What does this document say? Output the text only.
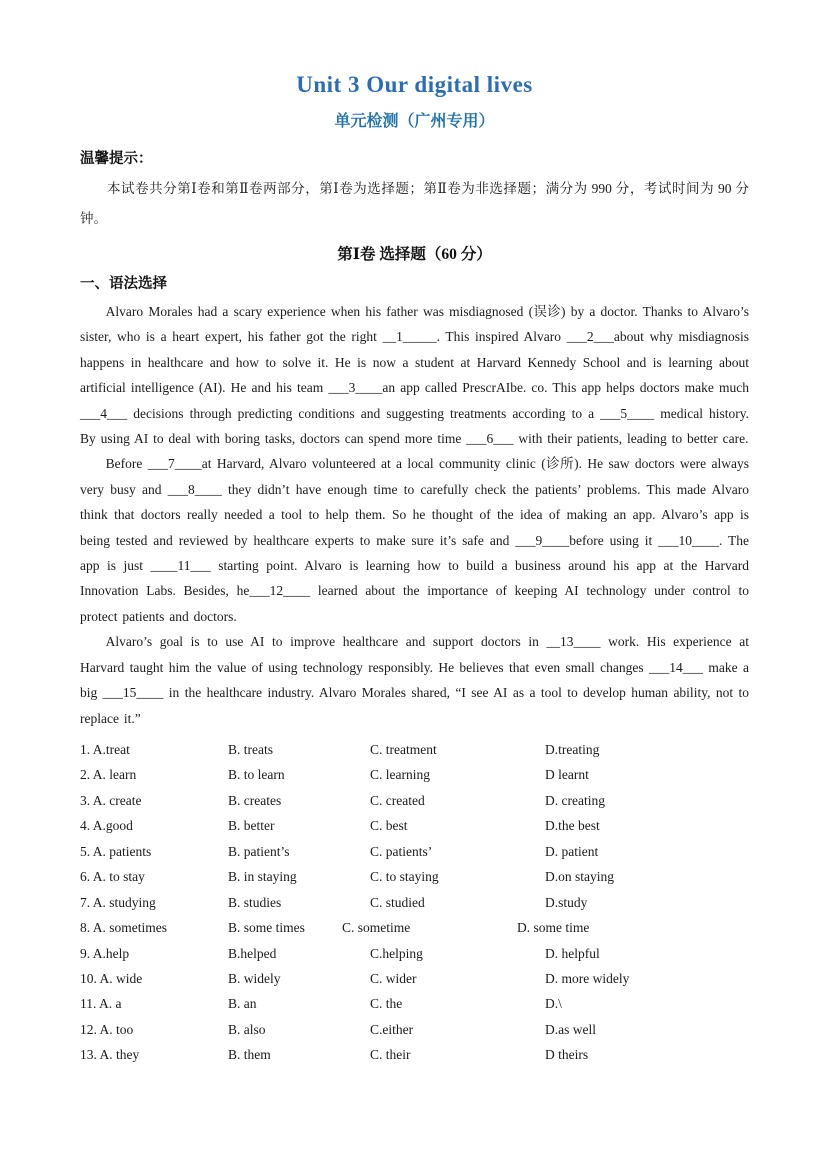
Unit 3 Our digital lives
单元检测（广州专用）
温馨提示：

本试卷共分第Ⅰ卷和第Ⅱ卷两部分，第Ⅰ卷为选择题；第Ⅱ卷为非选择题；满分为 990 分，考试时间为 90 分钟。

第Ⅰ卷 选择题（60 分）
一、语法选择

Alvaro Morales had a scary experience when his father was misdiagnosed (误诊) by a doctor. Thanks to Alvaro’s sister, who is a heart expert, his father got the right __1_____. This inspired Alvaro ___2___about why misdiagnosis happens in healthcare and how to solve it. He is now a student at Harvard Kennedy School and is learning about artificial intelligence (AI). He and his team ___3____an app called PrescrAIbe. co. This app helps doctors make much ___4___ decisions through predicting conditions and suggesting treatments according to a ___5____ medical history. By using AI to deal with boring tasks, doctors can spend more time ___6___ with their patients, leading to better care.

Before ___7____at Harvard, Alvaro volunteered at a local community clinic (诊所). He saw doctors were always very busy and ___8____ they didn’t have enough time to carefully check the patients’ problems. This made Alvaro think that doctors really needed a tool to help them. So he thought of the idea of making an app. Alvaro’s app is being tested and reviewed by healthcare experts to make sure it’s safe and ___9____before using it ___10____. The app is just ____11___ starting point. Alvaro is learning how to build a business around his app at the Harvard Innovation Labs. Besides, he___12____ learned about the importance of keeping AI technology under control to protect patients and doctors.

Alvaro’s goal is to use AI to improve healthcare and support doctors in __13____ work. His experience at Harvard taught him the value of using technology responsibly. He believes that even small changes ___14___ make a big ___15____ in the healthcare industry. Alvaro Morales shared, “I see AI as a tool to develop human ability, not to replace it.”

1. A.treat	B. treats	C. treatment	D.treating
2. A. learn	B. to learn	C. learning	D learnt
3. A. create	B. creates	C. created	D. creating
4. A.good	B. better	C. best	D.the best
5. A. patients	B. patient’s	C. patients’	D. patient
6. A. to stay	B. in staying	C. to staying	D.on staying
7. A. studying	B. studies	C. studied	D.study
8. A. sometimes	B. some times	C. sometime	D. some time
9. A.help	B.helped	C.helping	D. helpful
10. A. wide	B. widely	C. wider	D. more widely
11. A. a	B. an	C. the	D.\
12. A. too	B. also	C.either	D.as well
13. A. they	B. them	C. their	D theirs
